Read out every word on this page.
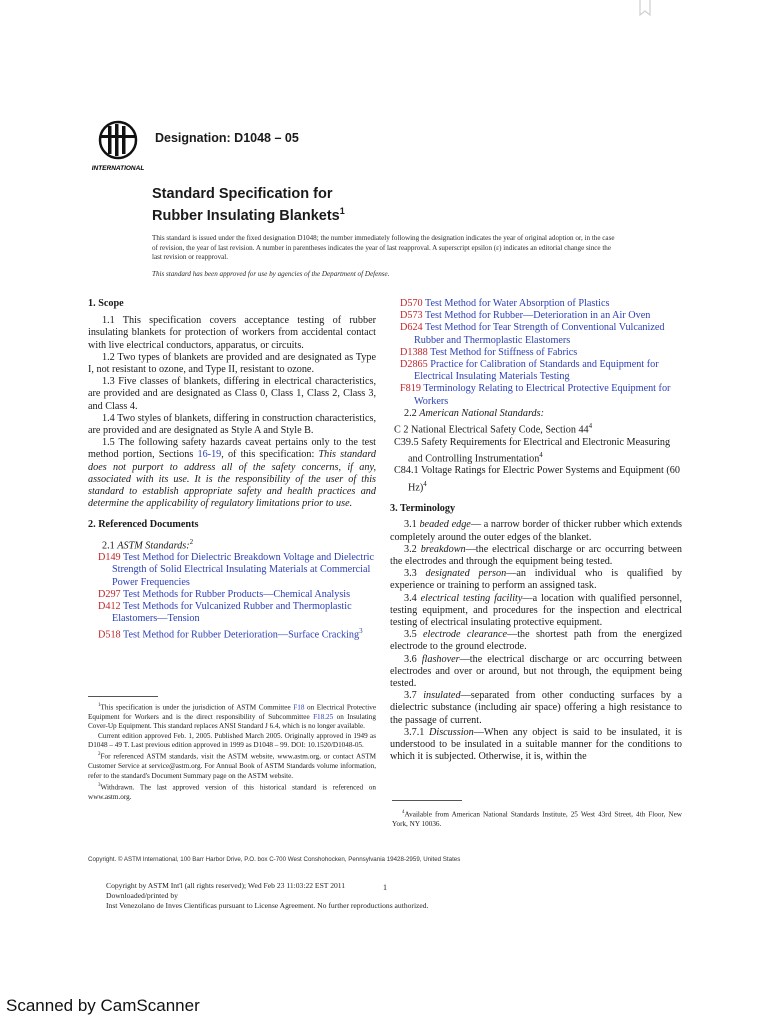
INTERNATIONAL
Designation: D1048 – 05
Standard Specification for
Rubber Insulating Blankets$^1$
This standard is issued under the fixed designation D1048; the number immediately following the designation indicates the year of original adoption or, in the case of revision, the year of last revision. A number in parentheses indicates the year of last reapproval. A superscript epsilon (ε) indicates an editorial change since the last revision or reapproval.
This standard has been approved for use by agencies of the Department of Defense.
1. Scope

1.1 This specification covers acceptance testing of rubber insulating blankets for protection of workers from accidental contact with live electrical conductors, apparatus, or circuits.

1.2 Two types of blankets are provided and are designated as Type I, not resistant to ozone, and Type II, resistant to ozone.

1.3 Five classes of blankets, differing in electrical characteristics, are provided and are designated as Class 0, Class 1, Class 2, Class 3, and Class 4.

1.4 Two styles of blankets, differing in construction characteristics, are provided and are designated as Style A and Style B.

1.5 The following safety hazards caveat pertains only to the test method portion, Sections 16-19, of this specification: This standard does not purport to address all of the safety concerns, if any, associated with its use. It is the responsibility of the user of this standard to establish appropriate safety and health practices and determine the applicability of regulatory limitations prior to use.

2. Referenced Documents

2.1 ASTM Standards:$^2$

D149 Test Method for Dielectric Breakdown Voltage and Dielectric Strength of Solid Electrical Insulating Materials at Commercial Power Frequencies

D297 Test Methods for Rubber Products—Chemical Analysis

D412 Test Methods for Vulcanized Rubber and Thermoplastic Elastomers—Tension

D518 Test Method for Rubber Deterioration—Surface Cracking$^3$

D570 Test Method for Water Absorption of Plastics

D573 Test Method for Rubber—Deterioration in an Air Oven

D624 Test Method for Tear Strength of Conventional Vulcanized Rubber and Thermoplastic Elastomers

D1388 Test Method for Stiffness of Fabrics

D2865 Practice for Calibration of Standards and Equipment for Electrical Insulating Materials Testing

F819 Terminology Relating to Electrical Protective Equipment for Workers

2.2 American National Standards:

C 2 National Electrical Safety Code, Section $44^4$

C39.5 Safety Requirements for Electrical and Electronic Measuring and Controlling Instrumentation$^4$

C84.1 Voltage Ratings for Electric Power Systems and Equipment (60 Hz)$^4$

3. Terminology

3.1 beaded edge— a narrow border of thicker rubber which extends completely around the outer edges of the blanket.

3.2 breakdown—the electrical discharge or arc occurring between the electrodes and through the equipment being tested.

3.3 designated person—an individual who is qualified by experience or training to perform an assigned task.

3.4 electrical testing facility—a location with qualified personnel, testing equipment, and procedures for the inspection and electrical testing of electrical insulating protective equipment.

3.5 electrode clearance—the shortest path from the energized electrode to the ground electrode.

3.6 flashover—the electrical discharge or arc occurring between electrodes and over or around, but not through, the equipment being tested.

3.7 insulated—separated from other conducting surfaces by a dielectric substance (including air space) offering a high resistance to the passage of current.

3.7.1 Discussion—When any object is said to be insulated, it is understood to be insulated in a suitable manner for the conditions to which it is subjected. Otherwise, it is, within the

$^1$This specification is under the jurisdiction of ASTM Committee F18 on Electrical Protective Equipment for Workers and is the direct responsibility of Subcommittee F18.25 on Insulating Cover-Up Equipment. This standard replaces ANSI Standard J 6.4, which is no longer available.

Current edition approved Feb. 1, 2005. Published March 2005. Originally approved in 1949 as D1048 – 49 T. Last previous edition approved in 1999 as D1048 – 99. DOI: 10.1520/D1048-05.

$^2$For referenced ASTM standards, visit the ASTM website, www.astm.org, or contact ASTM Customer Service at service@astm.org. For Annual Book of ASTM Standards volume information, refer to the standard's Document Summary page on the ASTM website.

$^3$Withdrawn. The last approved version of this historical standard is referenced on www.astm.org.

$^4$Available from American National Standards Institute, 25 West 43rd Street, 4th Floor, New York, NY 10036.

Copyright. © ASTM International, 100 Barr Harbor Drive, P.O. box C-700 West Conshohocken, Pennsylvania 19428-2959, United States
Copyright by ASTM Int'l (all rights reserved); Wed Feb 23 11:03:22 EST 2011	1
Downloaded/printed by
Inst Venezolano de Inves Cientificas pursuant to License Agreement. No further reproductions authorized.
Scanned by CamScanner
